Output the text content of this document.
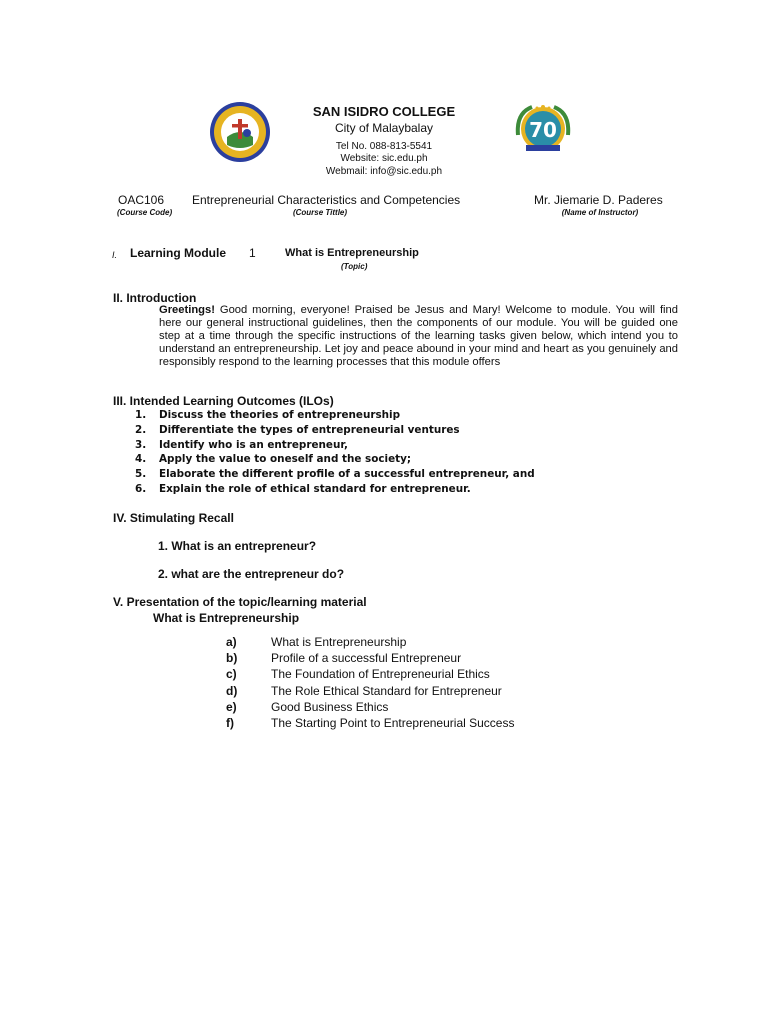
70
SAN ISIDRO COLLEGE
City of Malaybalay
Tel No. 088-813-5541
Website: sic.edu.ph
Webmail: info@sic.edu.ph
OAC106
(Course Code)
Entrepreneurial Characteristics and Competencies
(Course Tittle)
Mr. Jiemarie D. Paderes
(Name of Instructor)
I. Learning Module 1	What is Entrepreneurship
(Topic)
II. Introduction
Greetings! Good morning, everyone! Praised be Jesus and Mary! Welcome to module. You will find here our general instructional guidelines, then the components of our module. You will be guided one step at a time through the specific instructions of the learning tasks given below, which intend you to understand an entrepreneurship. Let joy and peace abound in your mind and heart as you genuinely and responsibly respond to the learning processes that this module offers
III. Intended Learning Outcomes (ILOs)
1. Discuss the theories of entrepreneurship
2. Differentiate the types of entrepreneurial ventures
3. Identify who is an entrepreneur,
4. Apply the value to oneself and the society;
5. Elaborate the different profile of a successful entrepreneur, and
6. Explain the role of ethical standard for entrepreneur.
IV. Stimulating Recall
1. What is an entrepreneur?
2. what are the entrepreneur do?
V. Presentation of the topic/learning material
What is Entrepreneurship
a)	What is Entrepreneurship
b)	Profile of a successful Entrepreneur
c)	The Foundation of Entrepreneurial Ethics
d)	The Role Ethical Standard for Entrepreneur
e)	Good Business Ethics
f)	The Starting Point to Entrepreneurial Success
